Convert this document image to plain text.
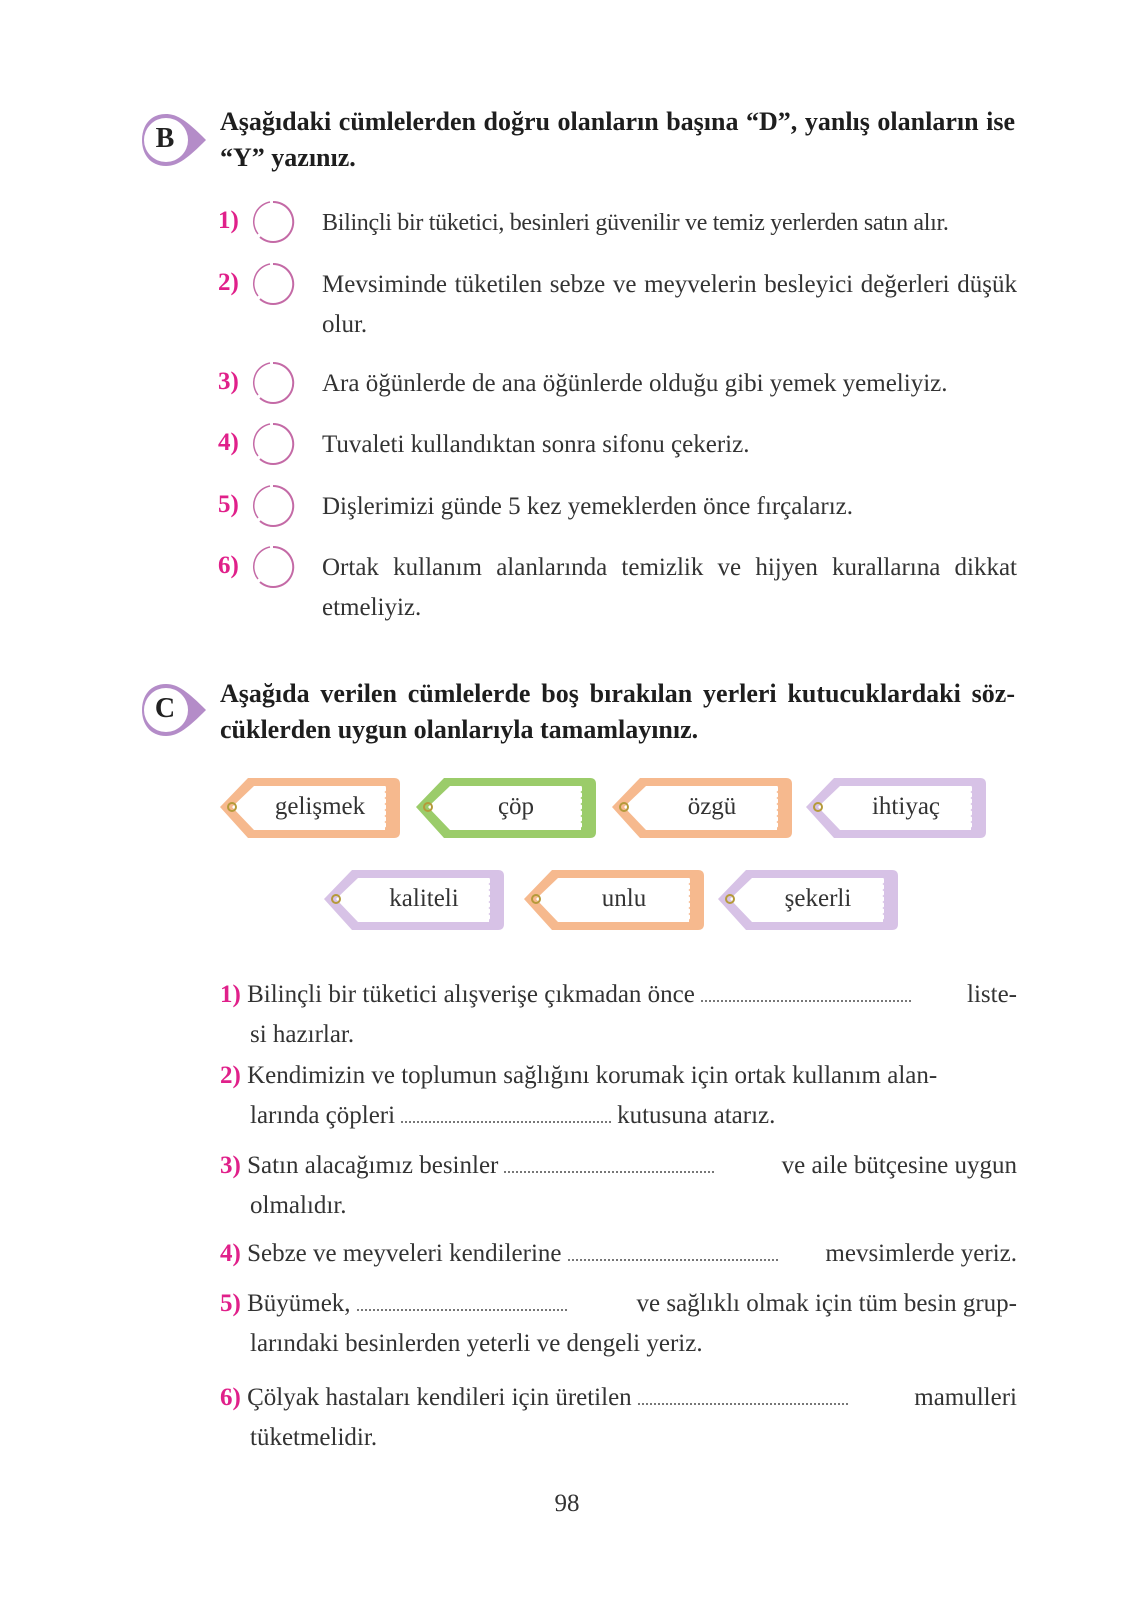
B
Aşağıdaki cümlelerden doğru olanların başına “D”, yanlış olanların ise “Y” yazınız.
1)	Bilinçli bir tüketici, besinleri güvenilir ve temiz yerlerden satın alır.
2)	Mevsiminde tüketilen sebze ve meyvelerin besleyici değerleri düşük olur.
3)	Ara öğünlerde de ana öğünlerde olduğu gibi yemek yemeliyiz.
4)	Tuvaleti kullandıktan sonra sifonu çekeriz.
5)	Dişlerimizi günde 5 kez yemeklerden önce fırçalarız.
6)	Ortak kullanım alanlarında temizlik ve hijyen kurallarına dikkat etmeliyiz.
C	Aşağıda verilen cümlelerde boş bırakılan yerleri kutucuklardaki söz-cüklerden uygun olanlarıyla tamamlayınız.
gelişmek	çöp	özgü	ihtiyaç
kaliteli	unlu	şekerli
1) Bilinçli bir tüketici alışverişe çıkmadan önce	liste-
si hazırlar.
2) Kendimizin ve toplumun sağlığını korumak için ortak kullanım alan-
larında çöpleri	kutusuna atarız.
3) Satın alacağımız besinler	ve aile bütçesine uygun
olmalıdır.
4) Sebze ve meyveleri kendilerine	mevsimlerde yeriz.
5) Büyümek,	ve sağlıklı olmak için tüm besin grup-
larındaki besinlerden yeterli ve dengeli yeriz.
6) Çölyak hastaları kendileri için üretilen	mamulleri
tüketmelidir.
98
